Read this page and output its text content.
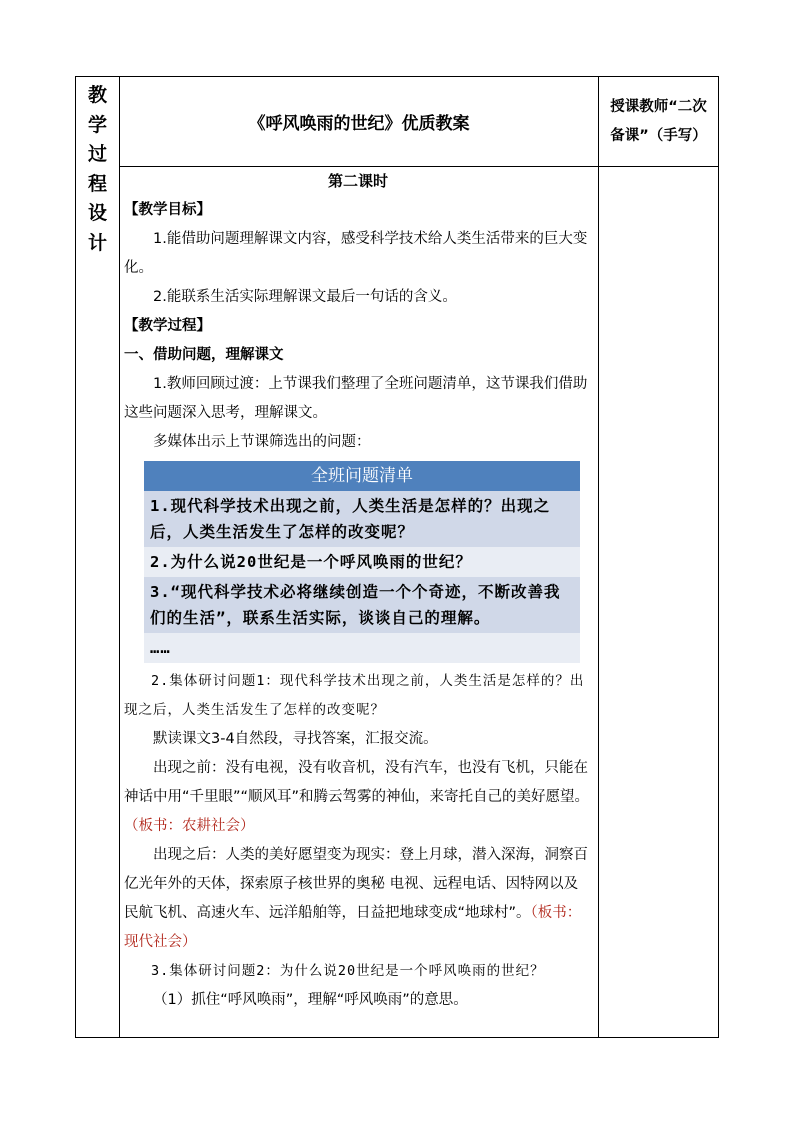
教
学
过
程
设
计
	《呼风唤雨的世纪》优质教案	授课教师“二次备课”（手写）

第二课时

【教学目标】

1.能借助问题理解课文内容，感受科学技术给人类生活带来的巨大变化。

2.能联系生活实际理解课文最后一句话的含义。

【教学过程】

一、借助问题，理解课文

1.教师回顾过渡：上节课我们整理了全班问题清单，这节课我们借助这些问题深入思考，理解课文。

多媒体出示上节课筛选出的问题：

全班问题清单
1.现代科学技术出现之前，人类生活是怎样的？出现之后，人类生活发生了怎样的改变呢？
2.为什么说20世纪是一个呼风唤雨的世纪？
3.“现代科学技术必将继续创造一个个奇迹，不断改善我们的生活”，联系生活实际，谈谈自己的理解。
……

2.集体研讨问题1：现代科学技术出现之前，人类生活是怎样的？出现之后，人类生活发生了怎样的改变呢？

默读课文3-4自然段，寻找答案，汇报交流。

出现之前：没有电视，没有收音机，没有汽车，也没有飞机，只能在神话中用“千里眼”“顺风耳”和腾云驾雾的神仙，来寄托自己的美好愿望。（板书：农耕社会）

出现之后：人类的美好愿望变为现实：登上月球，潜入深海，洞察百亿光年外的天体，探索原子核世界的奥秘 电视、远程电话、因特网以及民航飞机、高速火车、远洋船舶等，日益把地球变成“地球村”。（板书：现代社会）

3.集体研讨问题2：为什么说20世纪是一个呼风唤雨的世纪？

（1）抓住“呼风唤雨”，理解“呼风唤雨”的意思。
